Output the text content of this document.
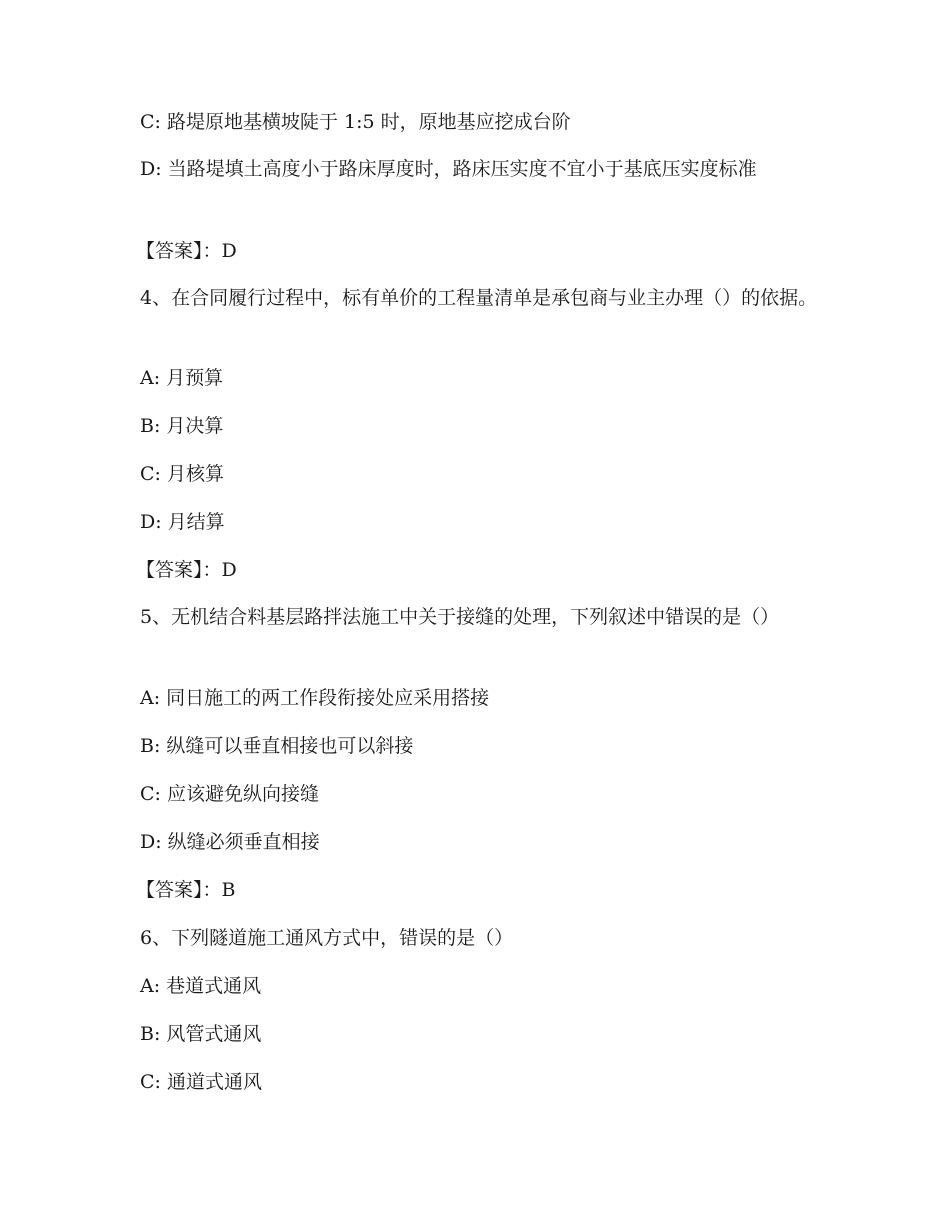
C: 路堤原地基横坡陡于 1:5 时，原地基应挖成台阶
D: 当路堤填土高度小于路床厚度时，路床压实度不宜小于基底压实度标准
【答案】：D
4、在合同履行过程中，标有单价的工程量清单是承包商与业主办理（）的依据。
A: 月预算
B: 月决算
C: 月核算
D: 月结算
【答案】：D
5、无机结合料基层路拌法施工中关于接缝的处理，下列叙述中错误的是（）
A: 同日施工的两工作段衔接处应采用搭接
B: 纵缝可以垂直相接也可以斜接
C: 应该避免纵向接缝
D: 纵缝必须垂直相接
【答案】：B
6、下列隧道施工通风方式中，错误的是（）
A: 巷道式通风
B: 风管式通风
C: 通道式通风
